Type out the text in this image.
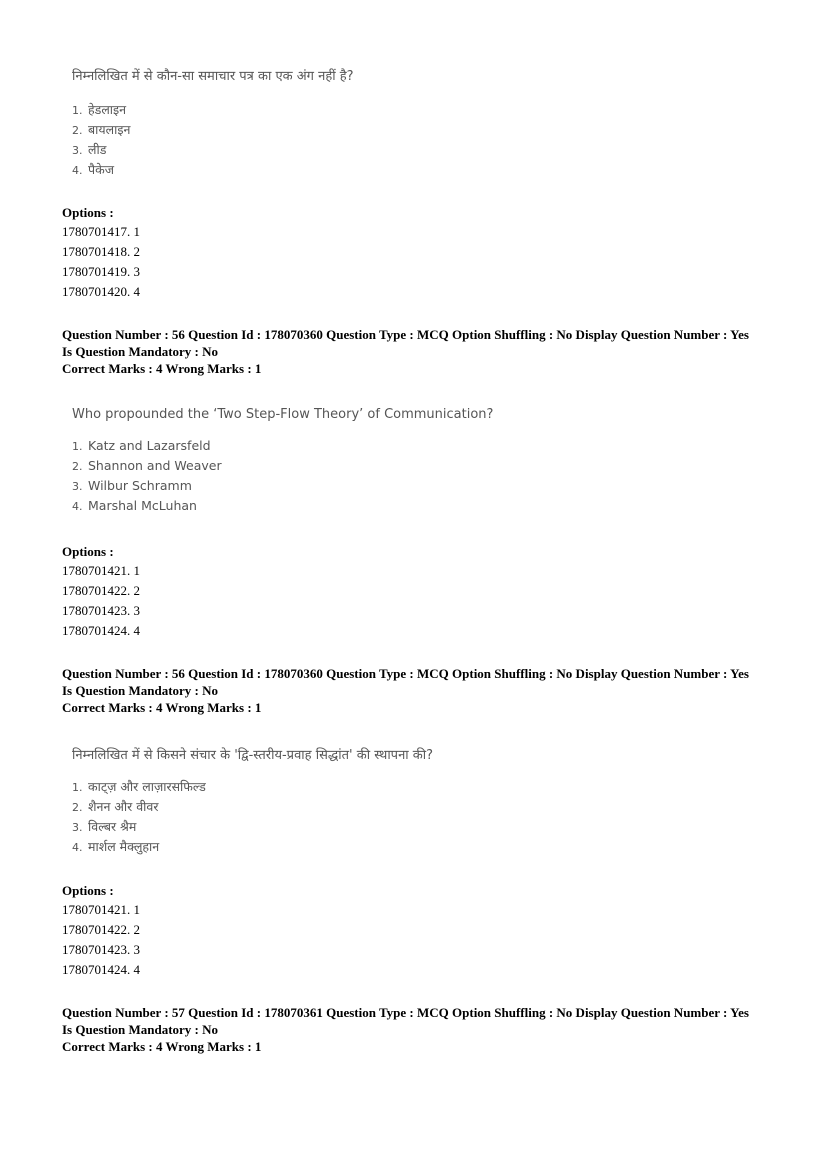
निम्नलिखित में से कौन-सा समाचार पत्र का एक अंग नहीं है?
1. हेडलाइन
2. बायलाइन
3. लीड
4. पैकेज
Options :
1780701417. 1
1780701418. 2
1780701419. 3
1780701420. 4
Question Number : 56 Question Id : 178070360 Question Type : MCQ Option Shuffling : No Display Question Number : Yes
Is Question Mandatory : No
Correct Marks : 4 Wrong Marks : 1
Who propounded the ‘Two Step-Flow Theory’ of Communication?
1. Katz and Lazarsfeld
2. Shannon and Weaver
3. Wilbur Schramm
4. Marshal McLuhan
Options :
1780701421. 1
1780701422. 2
1780701423. 3
1780701424. 4
Question Number : 56 Question Id : 178070360 Question Type : MCQ Option Shuffling : No Display Question Number : Yes
Is Question Mandatory : No
Correct Marks : 4 Wrong Marks : 1
निम्नलिखित में से किसने संचार के 'द्वि-स्तरीय-प्रवाह सिद्धांत' की स्थापना की?
1. काट्ज़ और लाज़ारसफिल्ड
2. शैनन और वीवर
3. विल्बर श्रैम
4. मार्शल मैक्लुहान
Options :
1780701421. 1
1780701422. 2
1780701423. 3
1780701424. 4
Question Number : 57 Question Id : 178070361 Question Type : MCQ Option Shuffling : No Display Question Number : Yes
Is Question Mandatory : No
Correct Marks : 4 Wrong Marks : 1
